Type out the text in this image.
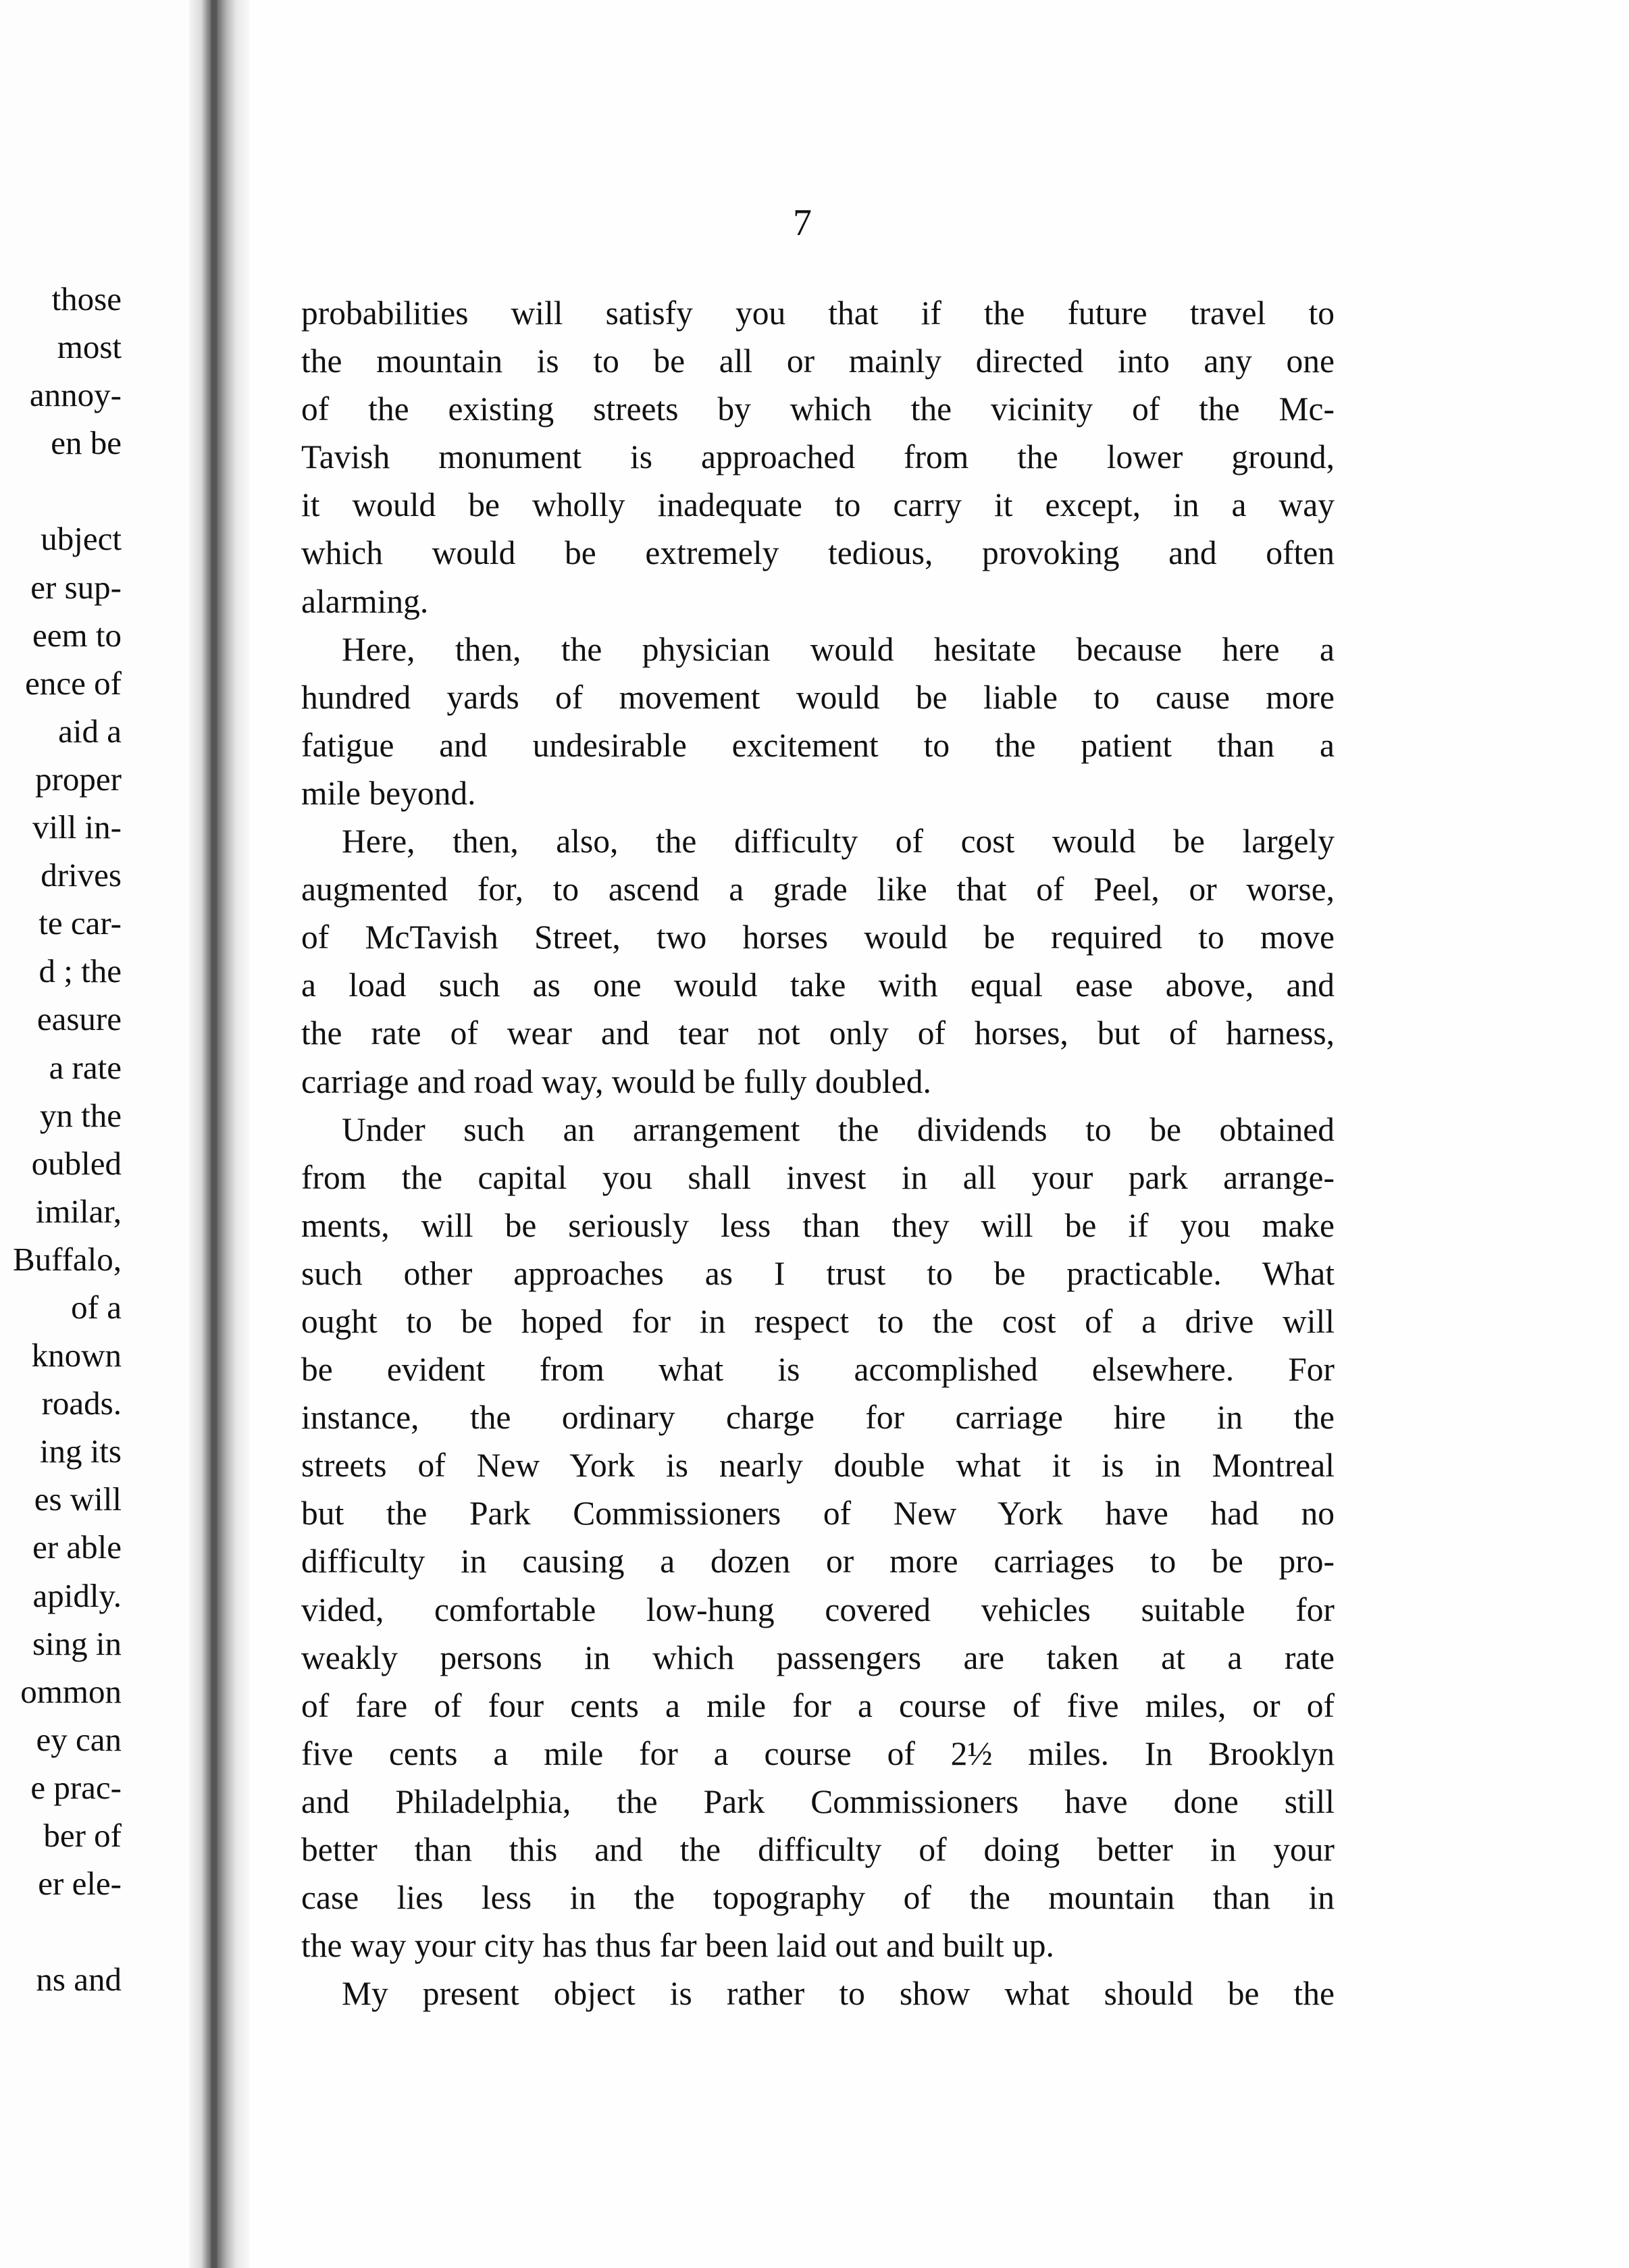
those
most
annoy-
en be
ubject
er sup-
eem to
ence of
aid a
proper
vill in-
drives
te car-
d ; the
easure
a rate
yn the
oubled
imilar,
Buffalo,
of a
known
roads.
ing its
es will
er able
apidly.
sing in
ommon
ey can
e prac-
ber of
er ele-
ns and
7
probabilities will satisfy you that if the future travel to
the mountain is to be all or mainly directed into any one
of the existing streets by which the vicinity of the Mc-
Tavish monument is approached from the lower ground,
it would be wholly inadequate to carry it except, in a way
which would be extremely tedious, provoking and often
alarming.
Here, then, the physician would hesitate because here a
hundred yards of movement would be liable to cause more
fatigue and undesirable excitement to the patient than a
mile beyond.
Here, then, also, the difficulty of cost would be largely
augmented for, to ascend a grade like that of Peel, or worse,
of McTavish Street, two horses would be required to move
a load such as one would take with equal ease above, and
the rate of wear and tear not only of horses, but of harness,
carriage and road way, would be fully doubled.
Under such an arrangement the dividends to be obtained
from the capital you shall invest in all your park arrange-
ments, will be seriously less than they will be if you make
such other approaches as I trust to be practicable. What
ought to be hoped for in respect to the cost of a drive will
be evident from what is accomplished elsewhere. For
instance, the ordinary charge for carriage hire in the
streets of New York is nearly double what it is in Montreal
but the Park Commissioners of New York have had no
difficulty in causing a dozen or more carriages to be pro-
vided, comfortable low-hung covered vehicles suitable for
weakly persons in which passengers are taken at a rate
of fare of four cents a mile for a course of five miles, or of
five cents a mile for a course of 2½ miles. In Brooklyn
and Philadelphia, the Park Commissioners have done still
better than this and the difficulty of doing better in your
case lies less in the topography of the mountain than in
the way your city has thus far been laid out and built up.
My present object is rather to show what should be the
